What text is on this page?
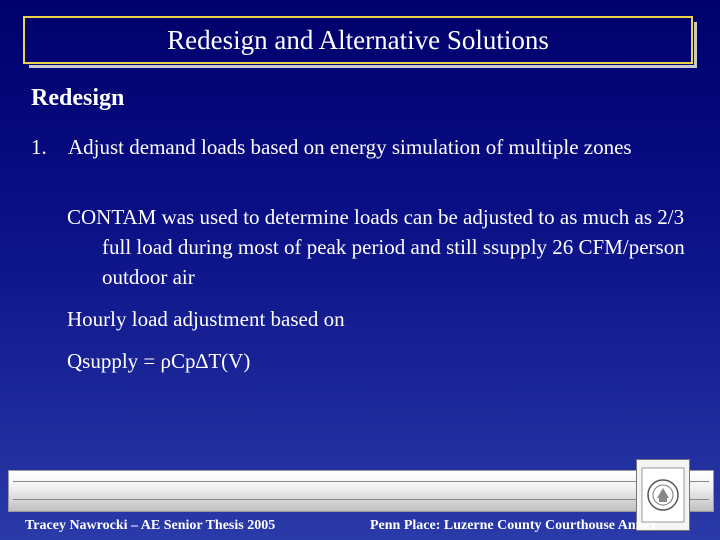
Redesign and Alternative Solutions
Redesign
1. Adjust demand loads based on energy simulation of multiple zones
CONTAM was used to determine loads can be adjusted to as much as 2/3 full load during most of peak period and still ssupply 26 CFM/person outdoor air
Hourly load adjustment based on
Qsupply = ρCp∆T(V)
Tracey Nawrocki – AE Senior Thesis 2005	Penn Place: Luzerne County Courthouse Annex
